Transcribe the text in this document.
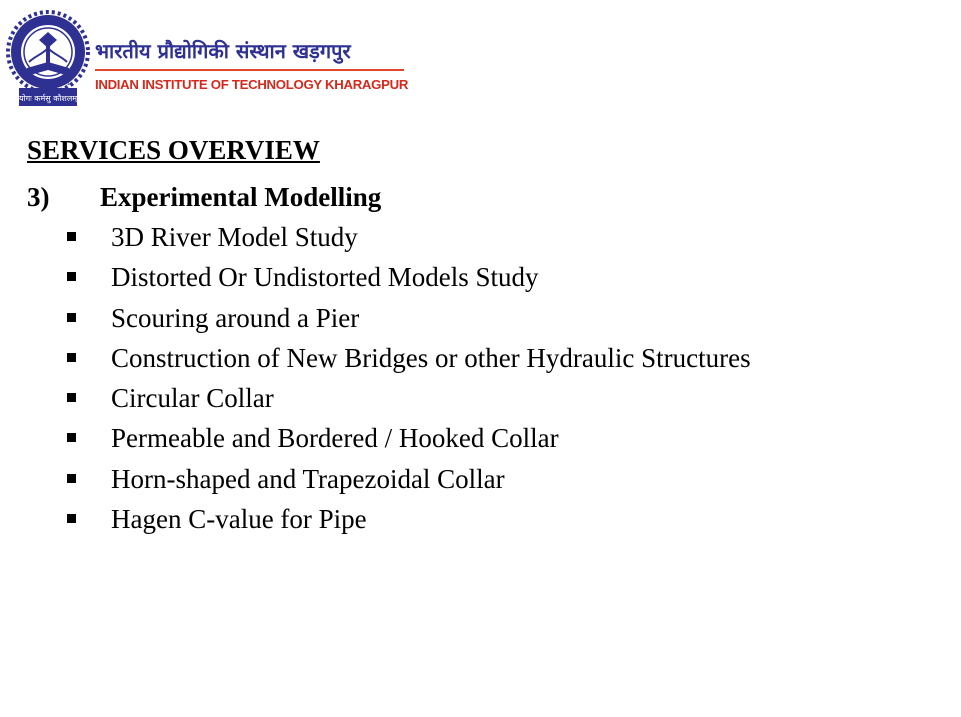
योगः कर्मसु कौशलम्
1951
भारतीय प्रौद्योगिकी संस्थान खड़गपुर
INDIAN INSTITUTE OF TECHNOLOGY KHARAGPUR
SERVICES OVERVIEW
3) Experimental Modelling
3D River Model Study
Distorted Or Undistorted Models Study
Scouring around a Pier
Construction of New Bridges or other Hydraulic Structures
Circular Collar
Permeable and Bordered / Hooked Collar
Horn-shaped and Trapezoidal Collar
Hagen C-value for Pipe
